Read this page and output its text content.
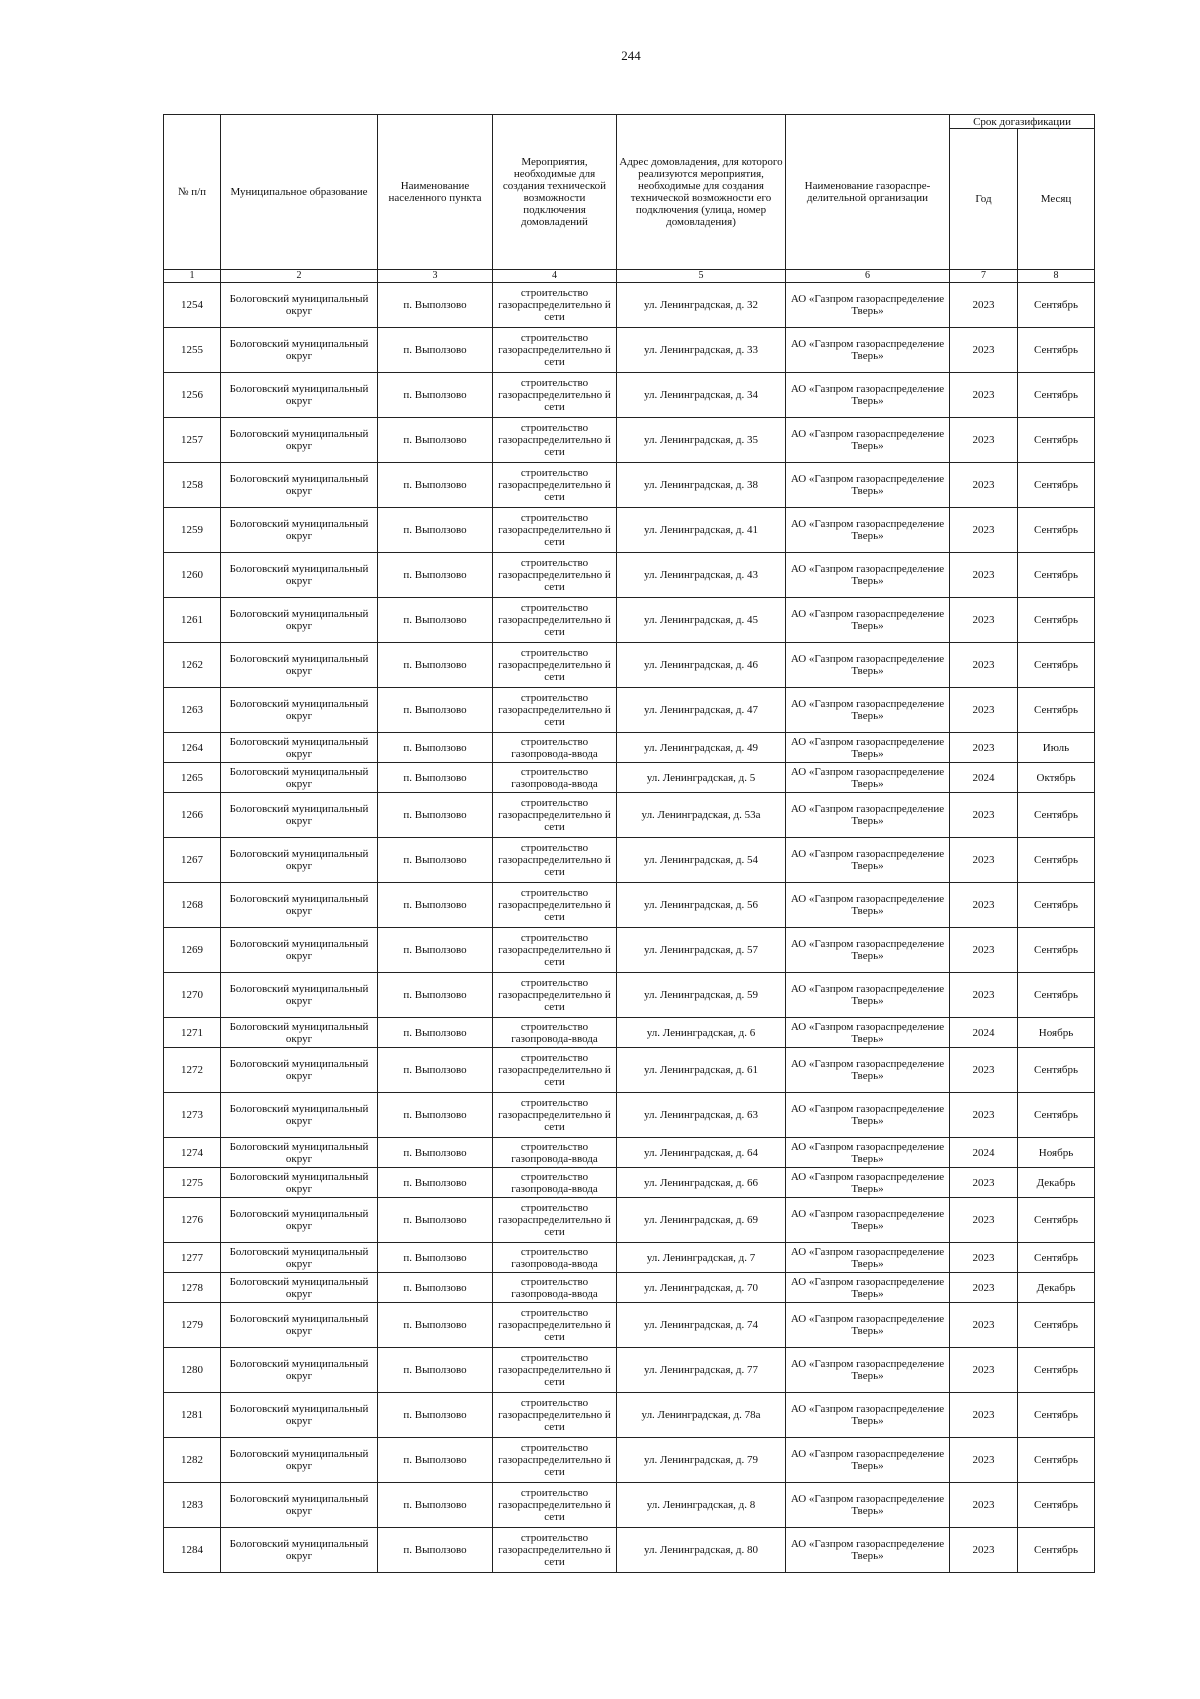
244
№ п/п	Муниципальное образование	Наименование населенного пункта	Мероприятия, необходимые для создания технической возможности подключения домовладений	Адрес домовладения, для которого реализуются мероприятия, необходимые для создания технической возможности его подключения (улица, номер домовладения)	Наименование газораспре-делительной организации	Срок догазификации	
						Год	Месяц
1	2	3	4	5	6	7	8
1254	Бологовский муниципальный округ	п. Выползово	строительство газораспределительно й сети	ул. Ленинградская, д. 32	АО «Газпром газораспределение Тверь»	2023	Сентябрь
1255	Бологовский муниципальный округ	п. Выползово	строительство газораспределительно й сети	ул. Ленинградская, д. 33	АО «Газпром газораспределение Тверь»	2023	Сентябрь
1256	Бологовский муниципальный округ	п. Выползово	строительство газораспределительно й сети	ул. Ленинградская, д. 34	АО «Газпром газораспределение Тверь»	2023	Сентябрь
1257	Бологовский муниципальный округ	п. Выползово	строительство газораспределительно й сети	ул. Ленинградская, д. 35	АО «Газпром газораспределение Тверь»	2023	Сентябрь
1258	Бологовский муниципальный округ	п. Выползово	строительство газораспределительно й сети	ул. Ленинградская, д. 38	АО «Газпром газораспределение Тверь»	2023	Сентябрь
1259	Бологовский муниципальный округ	п. Выползово	строительство газораспределительно й сети	ул. Ленинградская, д. 41	АО «Газпром газораспределение Тверь»	2023	Сентябрь
1260	Бологовский муниципальный округ	п. Выползово	строительство газораспределительно й сети	ул. Ленинградская, д. 43	АО «Газпром газораспределение Тверь»	2023	Сентябрь
1261	Бологовский муниципальный округ	п. Выползово	строительство газораспределительно й сети	ул. Ленинградская, д. 45	АО «Газпром газораспределение Тверь»	2023	Сентябрь
1262	Бологовский муниципальный округ	п. Выползово	строительство газораспределительно й сети	ул. Ленинградская, д. 46	АО «Газпром газораспределение Тверь»	2023	Сентябрь
1263	Бологовский муниципальный округ	п. Выползово	строительство газораспределительно й сети	ул. Ленинградская, д. 47	АО «Газпром газораспределение Тверь»	2023	Сентябрь
1264	Бологовский муниципальный округ	п. Выползово	строительство газопровода-ввода	ул. Ленинградская, д. 49	АО «Газпром газораспределение Тверь»	2023	Июль
1265	Бологовский муниципальный округ	п. Выползово	строительство газопровода-ввода	ул. Ленинградская, д. 5	АО «Газпром газораспределение Тверь»	2024	Октябрь
1266	Бологовский муниципальный округ	п. Выползово	строительство газораспределительно й сети	ул. Ленинградская, д. 53а	АО «Газпром газораспределение Тверь»	2023	Сентябрь
1267	Бологовский муниципальный округ	п. Выползово	строительство газораспределительно й сети	ул. Ленинградская, д. 54	АО «Газпром газораспределение Тверь»	2023	Сентябрь
1268	Бологовский муниципальный округ	п. Выползово	строительство газораспределительно й сети	ул. Ленинградская, д. 56	АО «Газпром газораспределение Тверь»	2023	Сентябрь
1269	Бологовский муниципальный округ	п. Выползово	строительство газораспределительно й сети	ул. Ленинградская, д. 57	АО «Газпром газораспределение Тверь»	2023	Сентябрь
1270	Бологовский муниципальный округ	п. Выползово	строительство газораспределительно й сети	ул. Ленинградская, д. 59	АО «Газпром газораспределение Тверь»	2023	Сентябрь
1271	Бологовский муниципальный округ	п. Выползово	строительство газопровода-ввода	ул. Ленинградская, д. 6	АО «Газпром газораспределение Тверь»	2024	Ноябрь
1272	Бологовский муниципальный округ	п. Выползово	строительство газораспределительно й сети	ул. Ленинградская, д. 61	АО «Газпром газораспределение Тверь»	2023	Сентябрь
1273	Бологовский муниципальный округ	п. Выползово	строительство газораспределительно й сети	ул. Ленинградская, д. 63	АО «Газпром газораспределение Тверь»	2023	Сентябрь
1274	Бологовский муниципальный округ	п. Выползово	строительство газопровода-ввода	ул. Ленинградская, д. 64	АО «Газпром газораспределение Тверь»	2024	Ноябрь
1275	Бологовский муниципальный округ	п. Выползово	строительство газопровода-ввода	ул. Ленинградская, д. 66	АО «Газпром газораспределение Тверь»	2023	Декабрь
1276	Бологовский муниципальный округ	п. Выползово	строительство газораспределительно й сети	ул. Ленинградская, д. 69	АО «Газпром газораспределение Тверь»	2023	Сентябрь
1277	Бологовский муниципальный округ	п. Выползово	строительство газопровода-ввода	ул. Ленинградская, д. 7	АО «Газпром газораспределение Тверь»	2023	Сентябрь
1278	Бологовский муниципальный округ	п. Выползово	строительство газопровода-ввода	ул. Ленинградская, д. 70	АО «Газпром газораспределение Тверь»	2023	Декабрь
1279	Бологовский муниципальный округ	п. Выползово	строительство газораспределительно й сети	ул. Ленинградская, д. 74	АО «Газпром газораспределение Тверь»	2023	Сентябрь
1280	Бологовский муниципальный округ	п. Выползово	строительство газораспределительно й сети	ул. Ленинградская, д. 77	АО «Газпром газораспределение Тверь»	2023	Сентябрь
1281	Бологовский муниципальный округ	п. Выползово	строительство газораспределительно й сети	ул. Ленинградская, д. 78а	АО «Газпром газораспределение Тверь»	2023	Сентябрь
1282	Бологовский муниципальный округ	п. Выползово	строительство газораспределительно й сети	ул. Ленинградская, д. 79	АО «Газпром газораспределение Тверь»	2023	Сентябрь
1283	Бологовский муниципальный округ	п. Выползово	строительство газораспределительно й сети	ул. Ленинградская, д. 8	АО «Газпром газораспределение Тверь»	2023	Сентябрь
1284	Бологовский муниципальный округ	п. Выползово	строительство газораспределительно й сети	ул. Ленинградская, д. 80	АО «Газпром газораспределение Тверь»	2023	Сентябрь
